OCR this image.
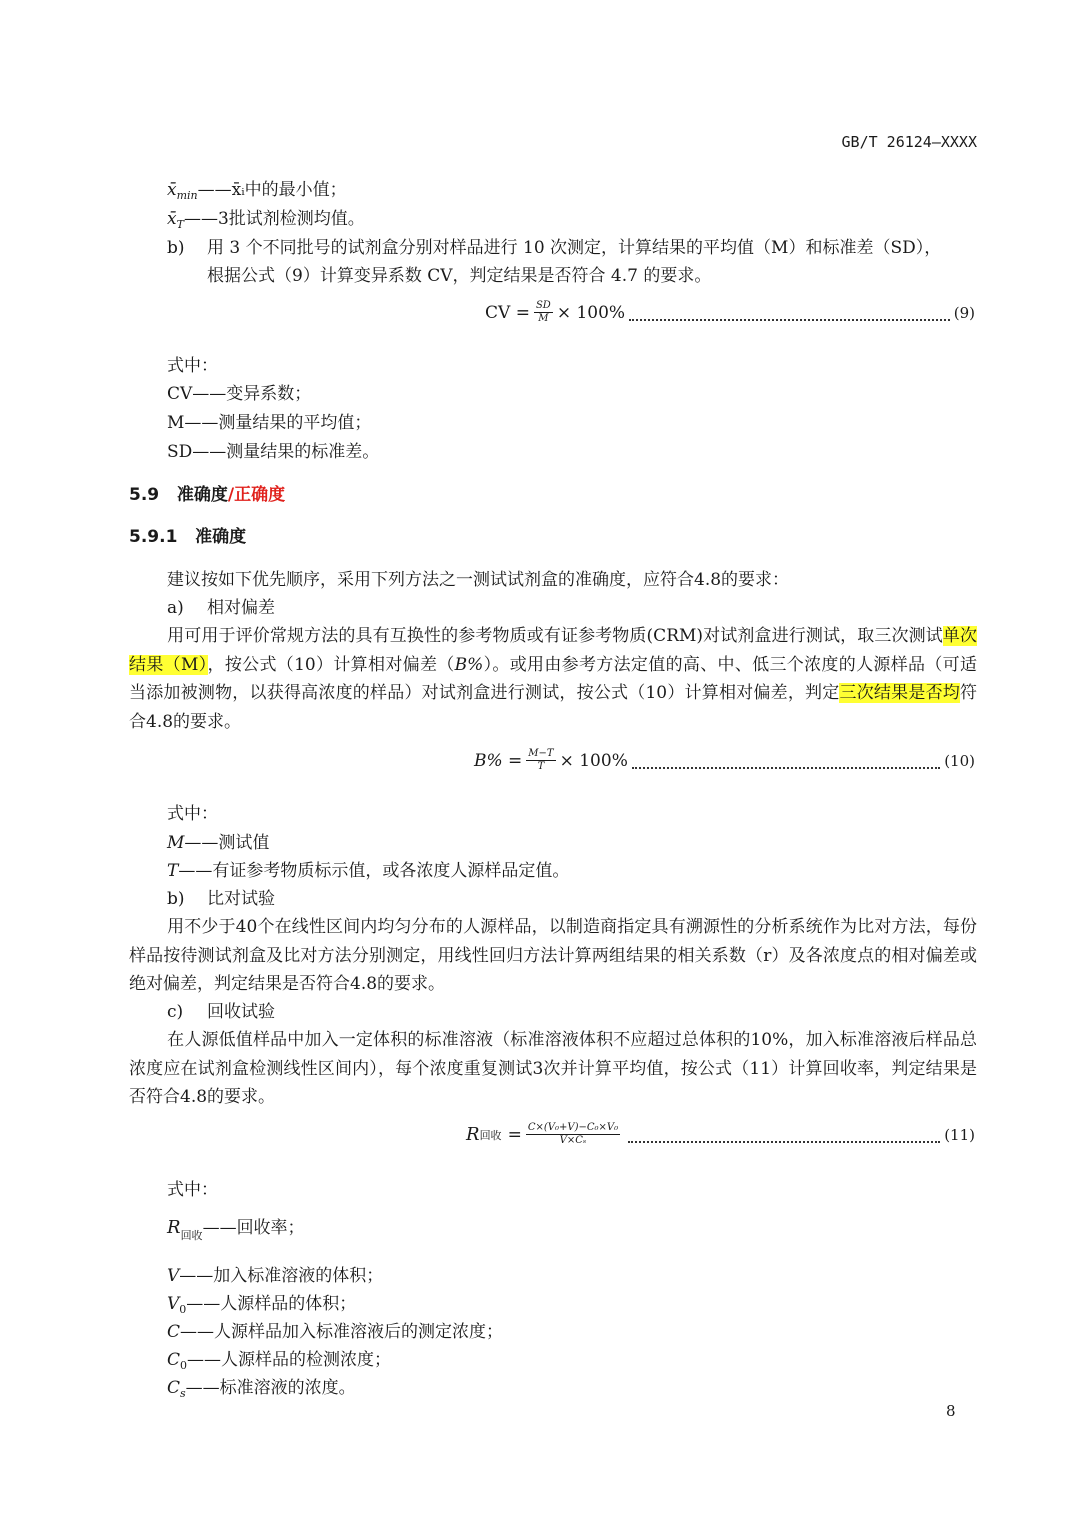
GB/T 26124—XXXX
$x̄_{min}——x̄ᵢ$中的最小值；
$x̄_T——3$批试剂检测均值。
b) 用 3 个不同批号的试剂盒分别对样品进行 10 次测定，计算结果的平均值（M）和标准差（SD），
根据公式（9）计算变异系数 CV，判定结果是否符合 4.7 的要求。
CV = $\frac{SD}{M} \times 100\%$	(9)
式中：
CV——变异系数；
M——测量结果的平均值；
SD——测量结果的标准差。
5.9 准确度/正确度
5.9.1 准确度
建议按如下优先顺序，采用下列方法之一测试试剂盒的准确度，应符合4.8的要求：
a) 相对偏差
用可用于评价常规方法的具有互换性的参考物质或有证参考物质(CRM)对试剂盒进行测试，取三次测试单次结果（M），按公式（10）计算相对偏差（B%）。或用由参考方法定值的高、中、低三个浓度的人源样品（可适当添加被测物，以获得高浓度的样品）对试剂盒进行测试，按公式（10）计算相对偏差，判定三次结果是否均符合4.8的要求。
$B\% = \frac{M-T}{T} \times 100\%$	(10)
式中：
M——测试值
T——有证参考物质标示值，或各浓度人源样品定值。
b) 比对试验
用不少于40个在线性区间内均匀分布的人源样品，以制造商指定具有溯源性的分析系统作为比对方法，每份样品按待测试剂盒及比对方法分别测定，用线性回归方法计算两组结果的相关系数（r）及各浓度点的相对偏差或绝对偏差，判定结果是否符合4.8的要求。
c) 回收试验
在人源低值样品中加入一定体积的标准溶液（标准溶液体积不应超过总体积的10%，加入标准溶液后样品总浓度应在试剂盒检测线性区间内），每个浓度重复测试3次并计算平均值，按公式（11）计算回收率，判定结果是否符合4.8的要求。
R 回收 = $\frac{\text{C×(V₀+V)−C₀×V₀}}{\text{V×Cₛ}}$	(11)
式中：
$R_{回收}——$回收率；
V——加入标准溶液的体积；
$V_0——$人源样品的体积；
C——人源样品加入标准溶液后的测定浓度；
$C_0——$人源样品的检测浓度；
$C_s——$标准溶液的浓度。
8
